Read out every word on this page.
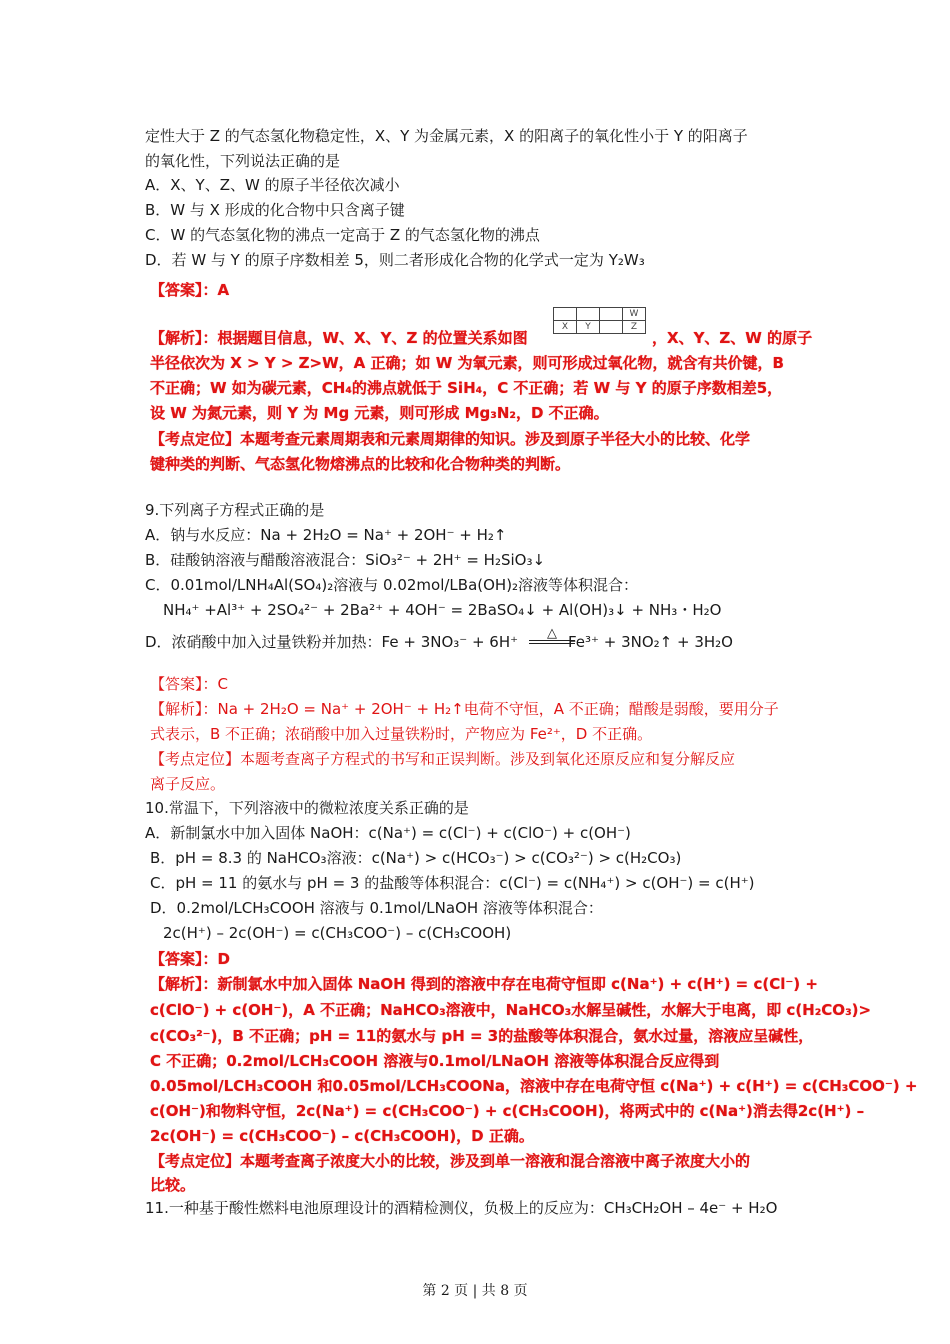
定性大于 Z 的气态氢化物稳定性，X、Y 为金属元素，X 的阳离子的氧化性小于 Y 的阳离子
的氧化性，下列说法正确的是
A．X、Y、Z、W 的原子半径依次减小
B．W 与 X 形成的化合物中只含离子键
C．W 的气态氢化物的沸点一定高于 Z 的气态氢化物的沸点
D．若 W 与 Y 的原子序数相差 5，则二者形成化合物的化学式一定为 Y₂W₃
【答案】：A
【解析】：根据题目信息，W、X、Y、Z 的位置关系如图
			W
X	Y		Z
，X、Y、Z、W 的原子
半径依次为 X > Y > Z>W，A 正确；如 W 为氧元素，则可形成过氧化物，就含有共价键，B
不正确；W 如为碳元素，CH₄的沸点就低于 SiH₄，C 不正确；若 W 与 Y 的原子序数相差5，
设 W 为氮元素，则 Y 为 Mg 元素，则可形成 Mg₃N₂，D 不正确。
【考点定位】本题考查元素周期表和元素周期律的知识。涉及到原子半径大小的比较、化学
键种类的判断、气态氢化物熔沸点的比较和化合物种类的判断。
9.下列离子方程式正确的是
A．钠与水反应：Na + 2H₂O = Na⁺ + 2OH⁻ + H₂↑
B．硅酸钠溶液与醋酸溶液混合：SiO₃²⁻ + 2H⁺ = H₂SiO₃↓
C．0.01mol/LNH₄Al(SO₄)₂溶液与 0.02mol/LBa(OH)₂溶液等体积混合：
NH₄⁺ +Al³⁺ + 2SO₄²⁻ + 2Ba²⁺ + 4OH⁻ = 2BaSO₄↓ + Al(OH)₃↓ + NH₃・H₂O
D．浓硝酸中加入过量铁粉并加热：Fe + 3NO₃⁻ + 6H⁺	△ Fe³⁺ + 3NO₂↑ + 3H₂O
【答案】：C
【解析】：Na + 2H₂O = Na⁺ + 2OH⁻ + H₂↑电荷不守恒，A 不正确；醋酸是弱酸，要用分子
式表示，B 不正确；浓硝酸中加入过量铁粉时，产物应为 Fe²⁺，D 不正确。
【考点定位】本题考查离子方程式的书写和正误判断。涉及到氧化还原反应和复分解反应
离子反应。
10.常温下，下列溶液中的微粒浓度关系正确的是
A．新制氯水中加入固体 NaOH：c(Na⁺) = c(Cl⁻) + c(ClO⁻) + c(OH⁻)
B．pH = 8.3 的 NaHCO₃溶液：c(Na⁺) > c(HCO₃⁻) > c(CO₃²⁻) > c(H₂CO₃)
C．pH = 11 的氨水与 pH = 3 的盐酸等体积混合：c(Cl⁻) = c(NH₄⁺) > c(OH⁻) = c(H⁺)
D．0.2mol/LCH₃COOH 溶液与 0.1mol/LNaOH 溶液等体积混合：
2c(H⁺) – 2c(OH⁻) = c(CH₃COO⁻) – c(CH₃COOH)
【答案】：D
【解析】：新制氯水中加入固体 NaOH 得到的溶液中存在电荷守恒即 c(Na⁺) + c(H⁺) = c(Cl⁻) +
c(ClO⁻) + c(OH⁻)，A 不正确；NaHCO₃溶液中，NaHCO₃水解呈碱性，水解大于电离，即 c(H₂CO₃)>
c(CO₃²⁻)，B 不正确；pH = 11的氨水与 pH = 3的盐酸等体积混合，氨水过量，溶液应呈碱性，
C 不正确；0.2mol/LCH₃COOH 溶液与0.1mol/LNaOH 溶液等体积混合反应得到
0.05mol/LCH₃COOH 和0.05mol/LCH₃COONa，溶液中存在电荷守恒 c(Na⁺) + c(H⁺) = c(CH₃COO⁻) +
c(OH⁻)和物料守恒，2c(Na⁺) = c(CH₃COO⁻) + c(CH₃COOH)，将两式中的 c(Na⁺)消去得2c(H⁺) –
2c(OH⁻) = c(CH₃COO⁻) – c(CH₃COOH)，D 正确。
【考点定位】本题考查离子浓度大小的比较，涉及到单一溶液和混合溶液中离子浓度大小的
比较。
11.一种基于酸性燃料电池原理设计的酒精检测仪，负极上的反应为：CH₃CH₂OH – 4e⁻ + H₂O
第 2 页 | 共 8 页
